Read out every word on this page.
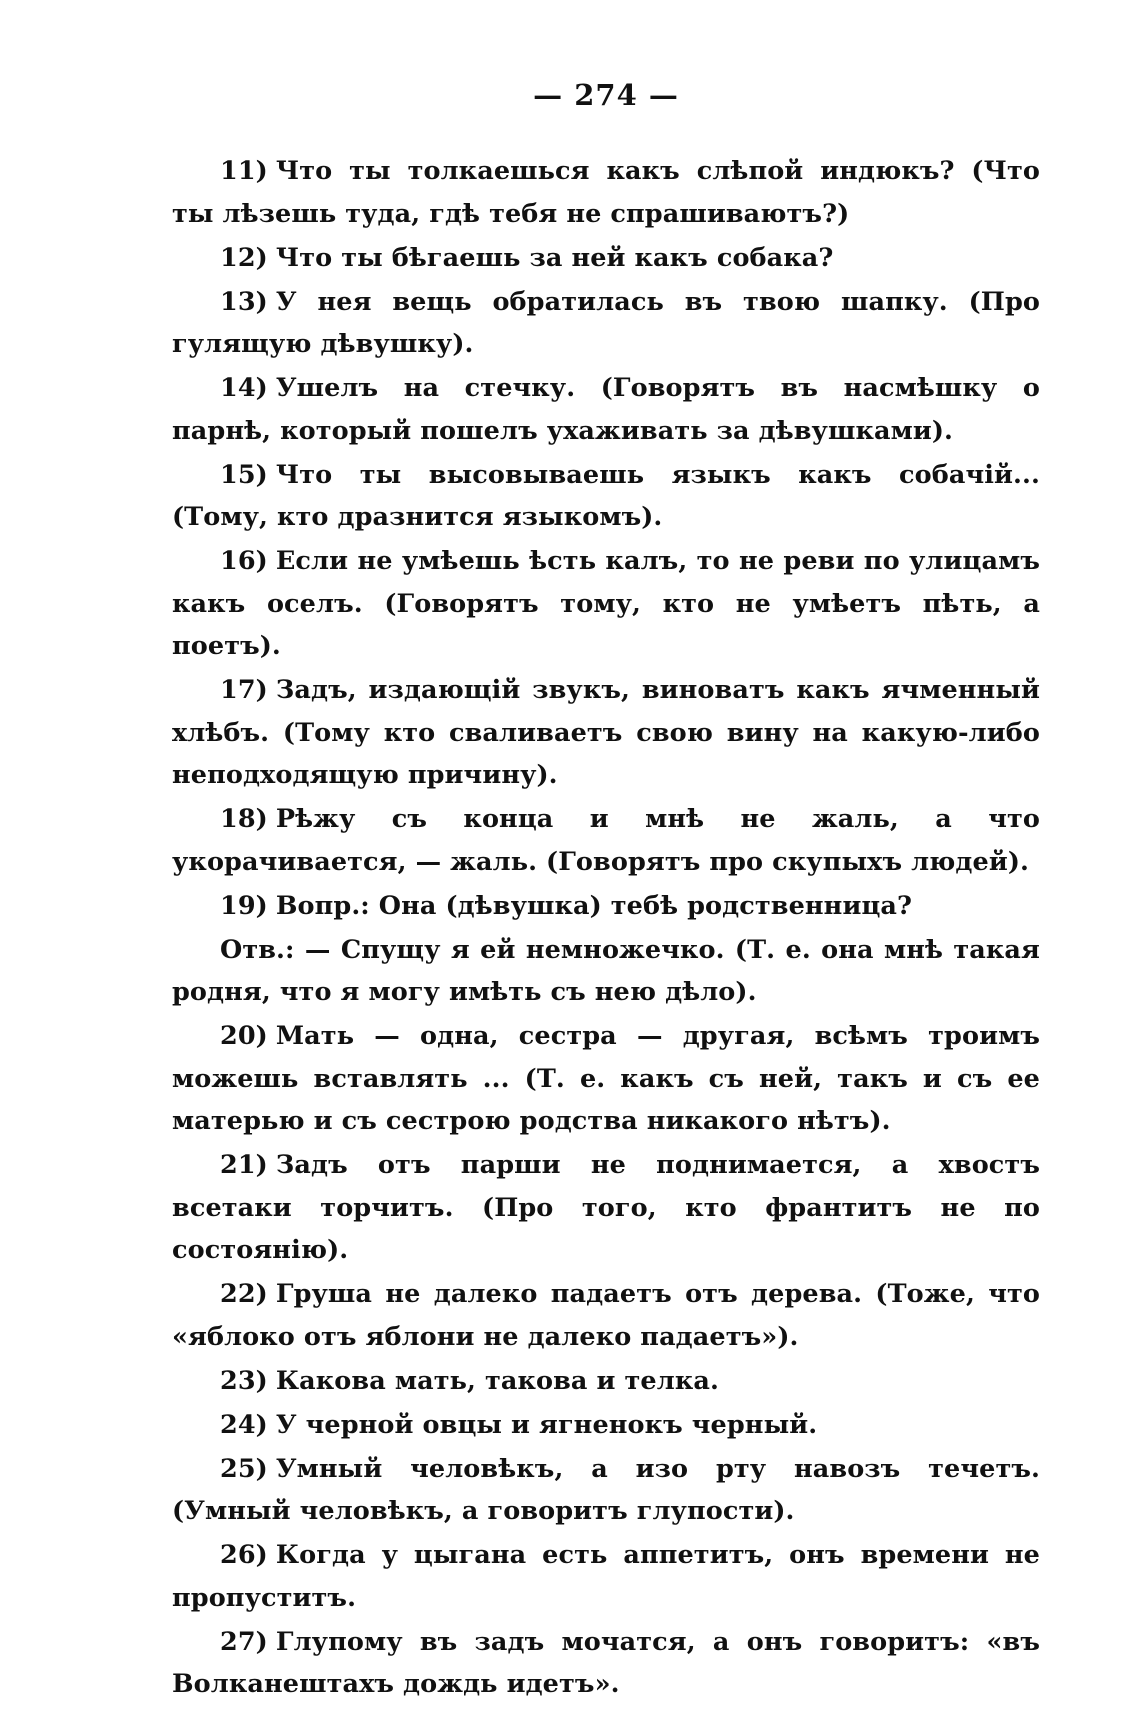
— 274 —

11) Что ты толкаешься какъ слѣпой индюкъ? (Что ты лѣзешь туда, гдѣ тебя не спрашиваютъ?)

12) Что ты бѣгаешь за ней какъ собака?

13) У нея вещь обратилась въ твою шапку. (Про гулящую дѣвушку).

14) Ушелъ на стечку. (Говорятъ въ насмѣшку о парнѣ, который пошелъ ухаживать за дѣвушками).

15) Что ты высовываешь языкъ какъ собачій... (Тому, кто дразнится языкомъ).

16) Если не умѣешь ѣсть калъ, то не реви по улицамъ какъ оселъ. (Говорятъ тому, кто не умѣетъ пѣть, а поетъ).

17) Задъ, издающій звукъ, виноватъ какъ ячменный хлѣбъ. (Тому кто сваливаетъ свою вину на какую-либо неподходящую причину).

18) Рѣжу съ конца и мнѣ не жаль, а что укорачивается, — жаль. (Говорятъ про скупыхъ людей).

19) Вопр.: Она (дѣвушка) тебѣ родственница?

Отв.: — Спущу я ей немножечко. (Т. е. она мнѣ такая родня, что я могу имѣть съ нею дѣло).

20) Мать — одна, сестра — другая, всѣмъ троимъ можешь вставлять ... (Т. е. какъ съ ней, такъ и съ ее матерью и съ сестрою родства никакого нѣтъ).

21) Задъ отъ парши не поднимается, а хвостъ всетаки торчитъ. (Про того, кто франтитъ не по состоянію).

22) Груша не далеко падаетъ отъ дерева. (Тоже, что «яблоко отъ яблони не далеко падаетъ»).

23) Какова мать, такова и телка.

24) У черной овцы и ягненокъ черный.

25) Умный человѣкъ, а изо рту навозъ течетъ. (Умный человѣкъ, а говоритъ глупости).

26) Когда у цыгана есть аппетитъ, онъ времени не пропуститъ.

27) Глупому въ задъ мочатся, а онъ говоритъ: «въ Волканештахъ дождь идетъ».
